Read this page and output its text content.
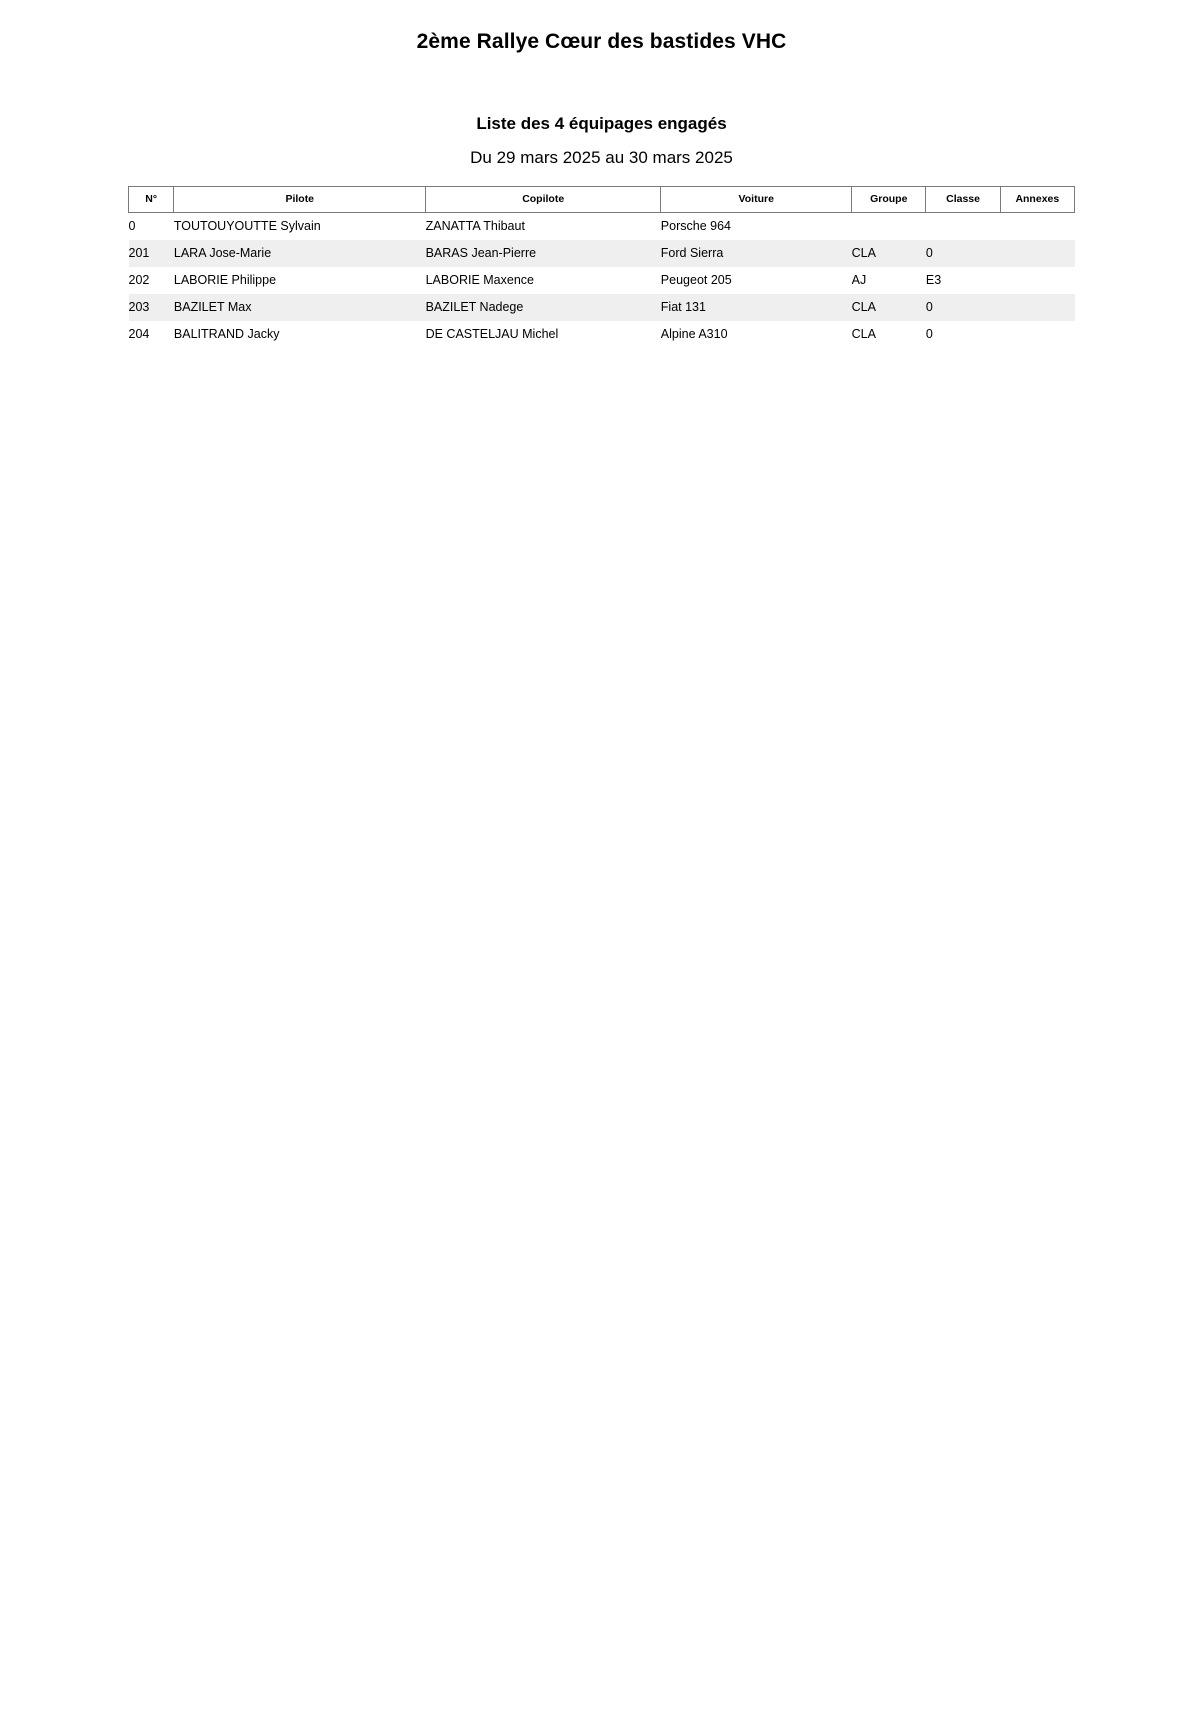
2ème Rallye Cœur des bastides VHC
Liste des 4 équipages engagés
Du 29 mars 2025 au 30 mars 2025
N°	Pilote	Copilote	Voiture	Groupe	Classe	Annexes
0	TOUTOUYOUTTE Sylvain	ZANATTA Thibaut	Porsche 964			
201	LARA Jose-Marie	BARAS Jean-Pierre	Ford Sierra	CLA	0	
202	LABORIE Philippe	LABORIE Maxence	Peugeot 205	AJ	E3	
203	BAZILET Max	BAZILET Nadege	Fiat 131	CLA	0	
204	BALITRAND Jacky	DE CASTELJAU Michel	Alpine A310	CLA	0	
